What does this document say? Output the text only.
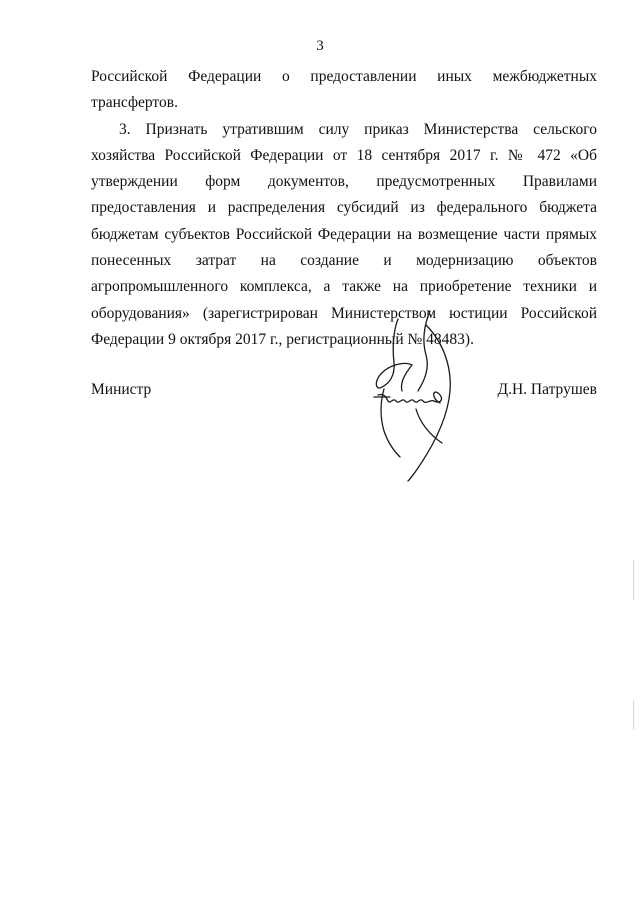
3

Российской Федерации о предоставлении иных межбюджетных трансфертов.

3. Признать утратившим силу приказ Министерства сельского хозяйства Российской Федерации от 18 сентября 2017 г. № 472 «Об утверждении форм документов, предусмотренных Правилами предоставления и распределения субсидий из федерального бюджета бюджетам субъектов Российской Федерации на возмещение части прямых понесенных затрат на создание и модернизацию объектов агропромышленного комплекса, а также на приобретение техники и оборудования» (зарегистрирован Министерством юстиции Российской Федерации 9 октября 2017 г., регистрационный № 48483).

Министр	Д.Н. Патрушев
